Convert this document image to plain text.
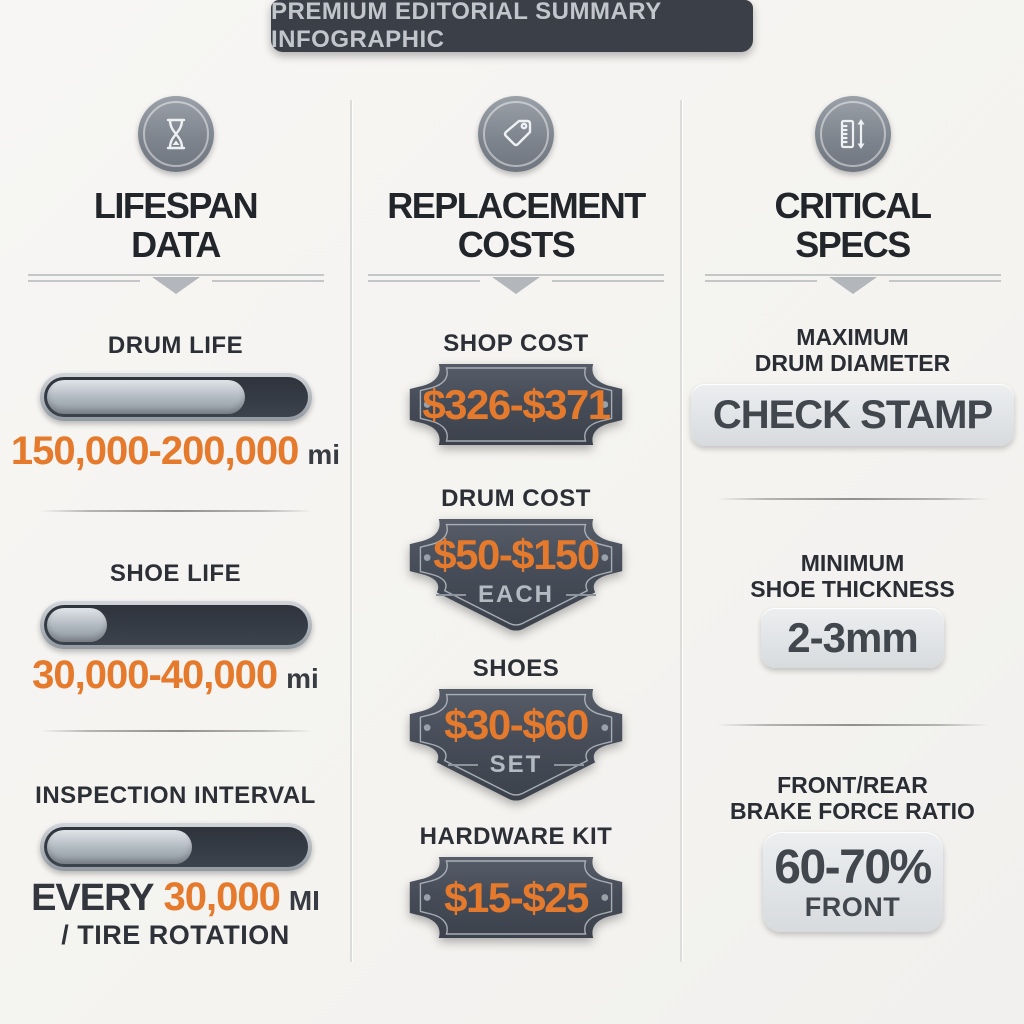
PREMIUM EDITORIAL SUMMARY INFOGRAPHIC
LIFESPAN
DATA
DRUM LIFE
150,000-200,000 mi
SHOE LIFE
30,000-40,000 mi
INSPECTION INTERVAL
EVERY 30,000 MI
/ TIRE ROTATION
REPLACEMENT
COSTS
SHOP COST
$326-$371
DRUM COST
$50-$150
EACH
SHOES
$30-$60
SET
HARDWARE KIT
$15-$25
CRITICAL
SPECS
MAXIMUM
DRUM DIAMETER
CHECK STAMP
MINIMUM
SHOE THICKNESS
2-3mm
FRONT/REAR
BRAKE FORCE RATIO
60-70%
FRONT
